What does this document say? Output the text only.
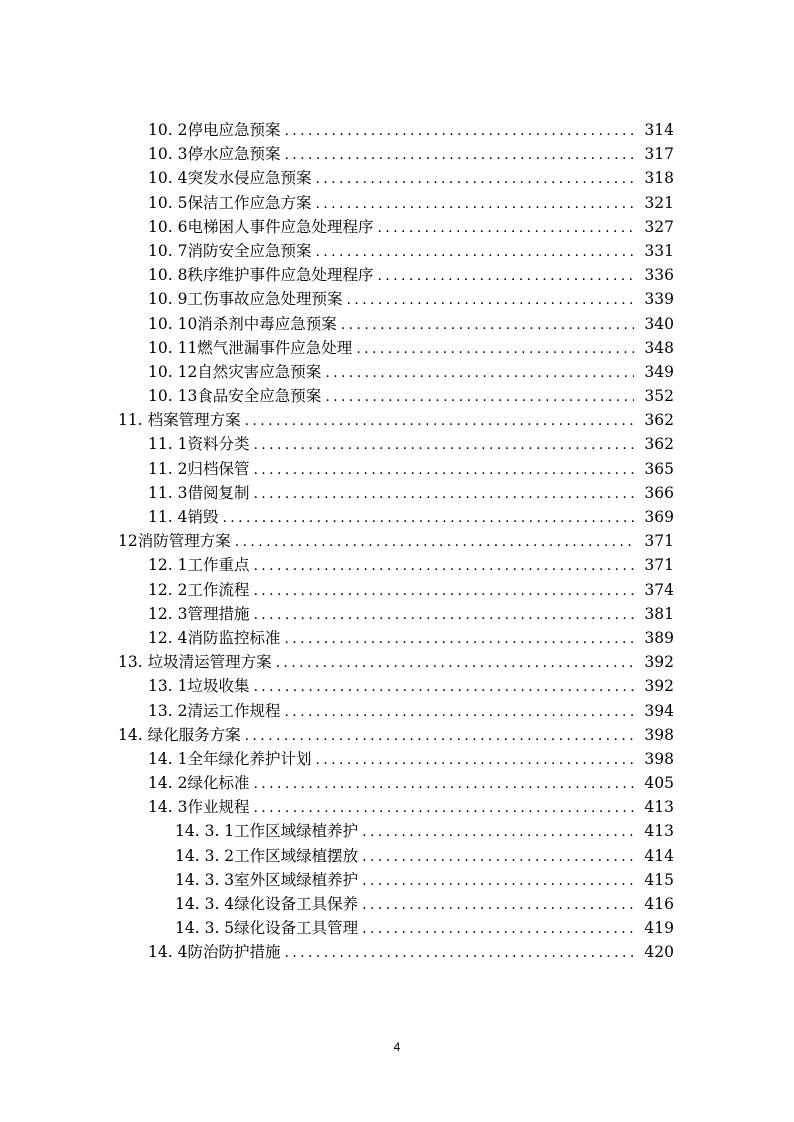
10. 2停电应急预案 .....	314
10. 3停水应急预案 .....	317
10. 4突发水侵应急预案 .....	318
10. 5保洁工作应急方案 .....	321
10. 6电梯困人事件应急处理程序 .....	327
10. 7消防安全应急预案 .....	331
10. 8秩序维护事件应急处理程序 .....	336
10. 9工伤事故应急处理预案 .....	339
10. 10消杀剂中毒应急预案 .....	340
10. 11燃气泄漏事件应急处理 .....	348
10. 12自然灾害应急预案 .....	349
10. 13食品安全应急预案 .....	352
11. 档案管理方案 .....	362
11. 1资料分类 .....	362
11. 2归档保管 .....	365
11. 3借阅复制 .....	366
11. 4销毁 .....	369
12消防管理方案 .....	371
12. 1工作重点 .....	371
12. 2工作流程 .....	374
12. 3管理措施 .....	381
12. 4消防监控标准 .....	389
13. 垃圾清运管理方案 .....	392
13. 1垃圾收集 .....	392
13. 2清运工作规程 .....	394
14. 绿化服务方案 .....	398
14. 1全年绿化养护计划 .....	398
14. 2绿化标准 .....	405
14. 3作业规程 .....	413
14. 3. 1工作区域绿植养护 .....	413
14. 3. 2工作区域绿植摆放 .....	414
14. 3. 3室外区域绿植养护 .....	415
14. 3. 4绿化设备工具保养 .....	416
14. 3. 5绿化设备工具管理 .....	419
14. 4防治防护措施 .....	420
4
